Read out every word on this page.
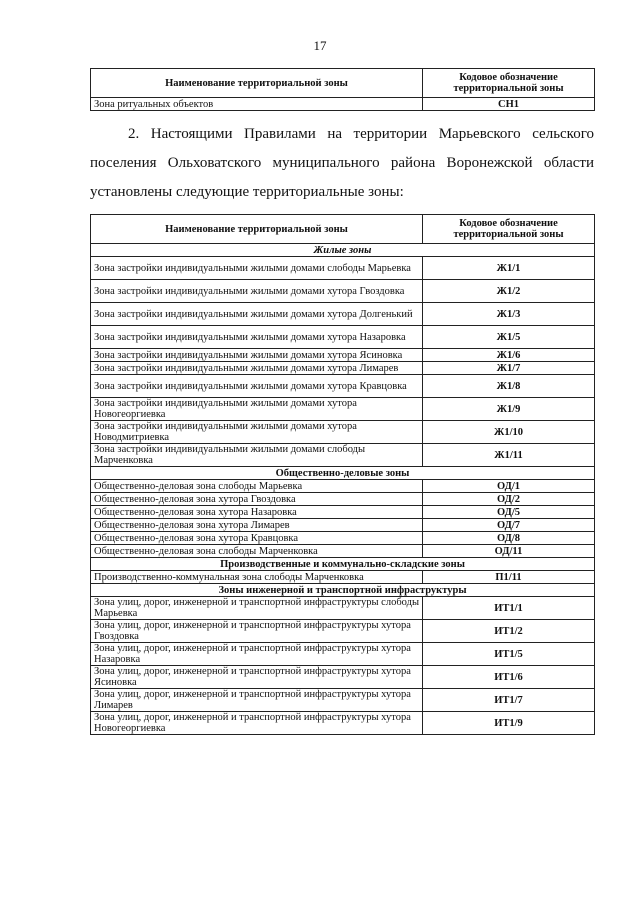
17
Наименование территориальной зоны	Кодовое обозначение территориальной зоны
Зона ритуальных объектов	СН1
2. Настоящими Правилами на территории Марьевского сельского поселения Ольховатского муниципального района Воронежской области установлены следующие территориальные зоны:
Наименование территориальной зоны	Кодовое обозначение территориальной зоны
Жилые зоны	
Зона застройки индивидуальными жилыми домами слободы Марьевка	Ж1/1
Зона застройки индивидуальными жилыми домами хутора Гвоздовка	Ж1/2
Зона застройки индивидуальными жилыми домами хутора Долгенький	Ж1/3
Зона застройки индивидуальными жилыми домами хутора Назаровка	Ж1/5
Зона застройки индивидуальными жилыми домами хутора Ясиновка	Ж1/6
Зона застройки индивидуальными жилыми домами хутора Лимарев	Ж1/7
Зона застройки индивидуальными жилыми домами хутора Кравцовка	Ж1/8
Зона застройки индивидуальными жилыми домами хутора Новогеоргиевка	Ж1/9
Зона застройки индивидуальными жилыми домами хутора Новодмитриевка	Ж1/10
Зона застройки индивидуальными жилыми домами слободы Марченковка	Ж1/11
Общественно-деловые зоны	
Общественно-деловая зона слободы Марьевка	ОД/1
Общественно-деловая зона хутора Гвоздовка	ОД/2
Общественно-деловая зона хутора Назаровка	ОД/5
Общественно-деловая зона хутора Лимарев	ОД/7
Общественно-деловая зона хутора Кравцовка	ОД/8
Общественно-деловая зона слободы Марченковка	ОД/11
Производственные и коммунально-складские зоны	
Производственно-коммунальная зона слободы Марченковка	П1/11
Зоны инженерной и транспортной инфраструктуры	
Зона улиц, дорог, инженерной и транспортной инфраструктуры слободы Марьевка	ИТ1/1
Зона улиц, дорог, инженерной и транспортной инфраструктуры хутора Гвоздовка	ИТ1/2
Зона улиц, дорог, инженерной и транспортной инфраструктуры хутора Назаровка	ИТ1/5
Зона улиц, дорог, инженерной и транспортной инфраструктуры хутора Ясиновка	ИТ1/6
Зона улиц, дорог, инженерной и транспортной инфраструктуры хутора Лимарев	ИТ1/7
Зона улиц, дорог, инженерной и транспортной инфраструктуры хутора Новогеоргиевка	ИТ1/9
